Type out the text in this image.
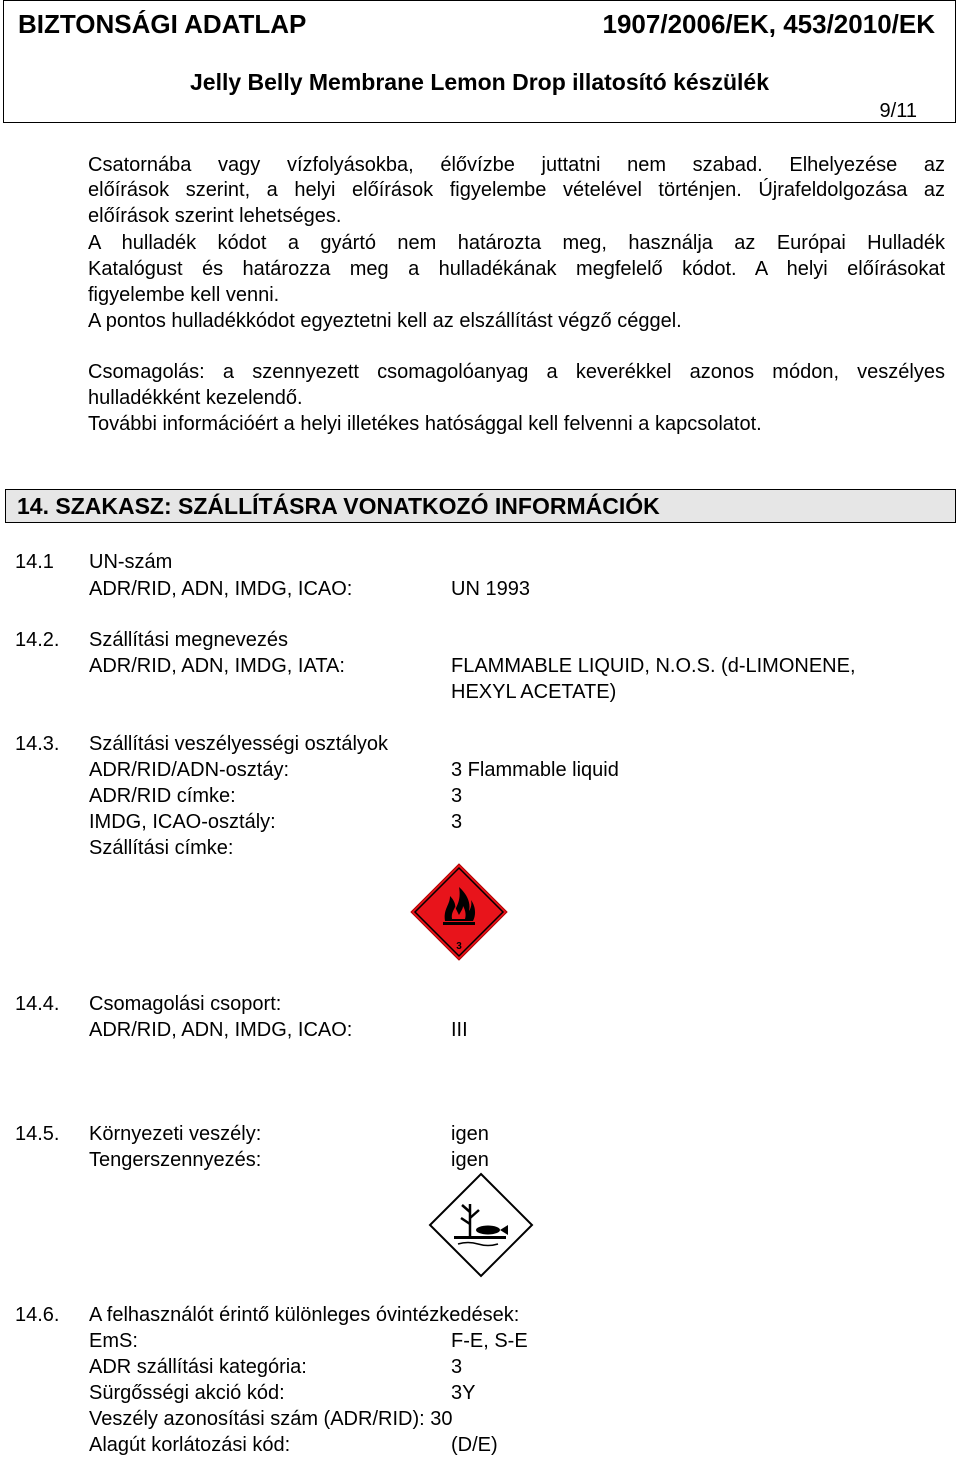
BIZTONSÁGI ADATLAP	1907/2006/EK, 453/2010/EK
Jelly Belly Membrane Lemon Drop illatosító készülék
9/11
Csatornába vagy vízfolyásokba, élővízbe juttatni nem szabad. Elhelyezése az
előírások szerint, a helyi előírások figyelembe vételével történjen. Újrafeldolgozása az
előírások szerint lehetséges.
A hulladék kódot a gyártó nem határozta meg, használja az Európai Hulladék
Katalógust és határozza meg a hulladékának megfelelő kódot. A helyi előírásokat
figyelembe kell venni.
A pontos hulladékkódot egyeztetni kell az elszállítást végző céggel.
Csomagolás: a szennyezett csomagolóanyag a keverékkel azonos módon, veszélyes
hulladékként kezelendő.
További információért a helyi illetékes hatósággal kell felvenni a kapcsolatot.
14. SZAKASZ: SZÁLLÍTÁSRA VONATKOZÓ INFORMÁCIÓK
14.1 UN-szám
ADR/RID, ADN, IMDG, ICAO:	UN 1993
14.2. Szállítási megnevezés
ADR/RID, ADN, IMDG, IATA:	FLAMMABLE LIQUID, N.O.S. (d-LIMONENE,
HEXYL ACETATE)
14.3. Szállítási veszélyességi osztályok
ADR/RID/ADN-osztáy:	3 Flammable liquid
ADR/RID címke:	3
IMDG, ICAO-osztály:	3
Szállítási címke:
3
14.4. Csomagolási csoport:
ADR/RID, ADN, IMDG, ICAO:	III
14.5. Környezeti veszély:	igen
Tengerszennyezés:	igen
14.6. A felhasználót érintő különleges óvintézkedések:
EmS:	F-E, S-E
ADR szállítási kategória:	3
Sürgősségi akció kód:	3Y
Veszély azonosítási szám (ADR/RID): 30
Alagút korlátozási kód:	(D/E)
